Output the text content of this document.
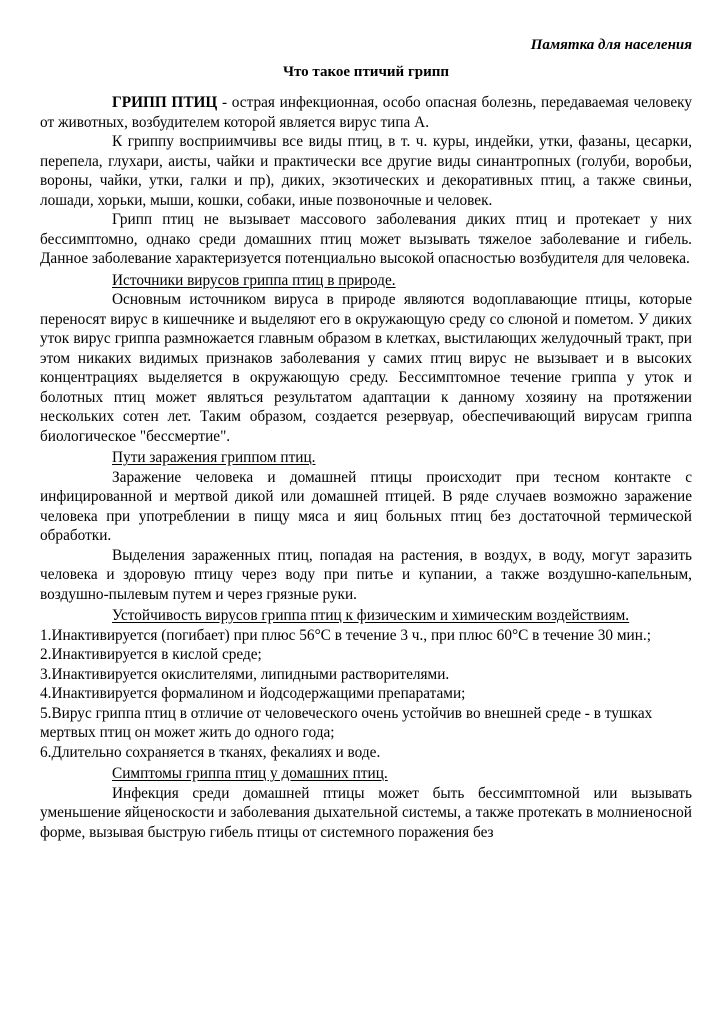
Памятка для населения
Что такое птичий грипп

ГРИПП ПТИЦ - острая инфекционная, особо опасная болезнь, передаваемая человеку от животных, возбудителем которой является вирус типа А.

К гриппу восприимчивы все виды птиц, в т. ч. куры, индейки, утки, фазаны, цесарки, перепела, глухари, аисты, чайки и практически все другие виды синантропных (голуби, воробьи, вороны, чайки, утки, галки и пр), диких, экзотических и декоративных птиц, а также свиньи, лошади, хорьки, мыши, кошки, собаки, иные позвоночные и человек.

Грипп птиц не вызывает массового заболевания диких птиц и протекает у них бессимптомно, однако среди домашних птиц может вызывать тяжелое заболевание и гибель. Данное заболевание характеризуется потенциально высокой опасностью возбудителя для человека.

Источники вирусов гриппа птиц в природе.

Основным источником вируса в природе являются водоплавающие птицы, которые переносят вирус в кишечнике и выделяют его в окружающую среду со слюной и пометом. У диких уток вирус гриппа размножается главным образом в клетках, выстилающих желудочный тракт, при этом никаких видимых признаков заболевания у самих птиц вирус не вызывает и в высоких концентрациях выделяется в окружающую среду. Бессимптомное течение гриппа у уток и болотных птиц может являться результатом адаптации к данному хозяину на протяжении нескольких сотен лет. Таким образом, создается резервуар, обеспечивающий вирусам гриппа биологическое "бессмертие".

Пути заражения гриппом птиц.

Заражение человека и домашней птицы происходит при тесном контакте с инфицированной и мертвой дикой или домашней птицей. В ряде случаев возможно заражение человека при употреблении в пищу мяса и яиц больных птиц без достаточной термической обработки.

Выделения зараженных птиц, попадая на растения, в воздух, в воду, могут заразить человека и здоровую птицу через воду при питье и купании, а также воздушно-капельным, воздушно-пылевым путем и через грязные руки.

Устойчивость вирусов гриппа птиц к физическим и химическим воздействиям.

1.Инактивируется (погибает) при плюс 56°С в течение 3 ч., при плюс 60°С в течение 30 мин.;

2.Инактивируется в кислой среде;

3.Инактивируется окислителями, липидными растворителями.

4.Инактивируется формалином и йодсодержащими препаратами;

5.Вирус гриппа птиц в отличие от человеческого очень устойчив во внешней среде - в тушках мертвых птиц он может жить до одного года;

6.Длительно сохраняется в тканях, фекалиях и воде.

Симптомы гриппа птиц у домашних птиц.

Инфекция среди домашней птицы может быть бессимптомной или вызывать уменьшение яйценоскости и заболевания дыхательной системы, а также протекать в молниеносной форме, вызывая быструю гибель птицы от системного поражения без
